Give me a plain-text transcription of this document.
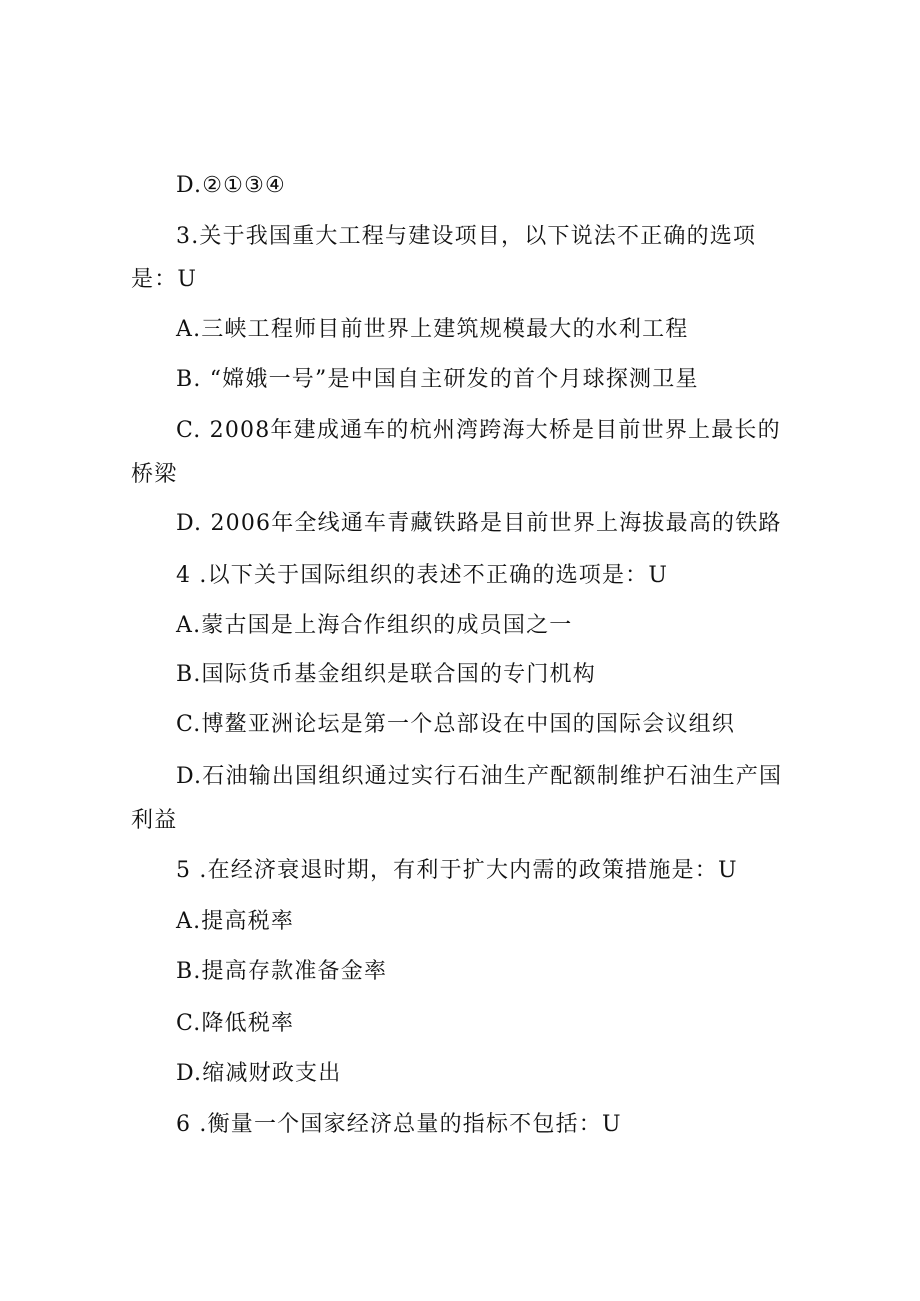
D.②①③④
3.关于我国重大工程与建设项目，以下说法不正确的选项
是：U
A.三峡工程师目前世界上建筑规模最大的水利工程
B. “嫦娥一号”是中国自主研发的首个月球探测卫星
C. 2008年建成通车的杭州湾跨海大桥是目前世界上最长的
桥梁
D. 2006年全线通车青藏铁路是目前世界上海拔最高的铁路
4 .以下关于国际组织的表述不正确的选项是：U
A.蒙古国是上海合作组织的成员国之一
B.国际货币基金组织是联合国的专门机构
C.博鳌亚洲论坛是第一个总部设在中国的国际会议组织
D.石油输出国组织通过实行石油生产配额制维护石油生产国
利益
5 .在经济衰退时期，有利于扩大内需的政策措施是：U
A.提高税率
B.提高存款准备金率
C.降低税率
D.缩减财政支出
6 .衡量一个国家经济总量的指标不包括：U
